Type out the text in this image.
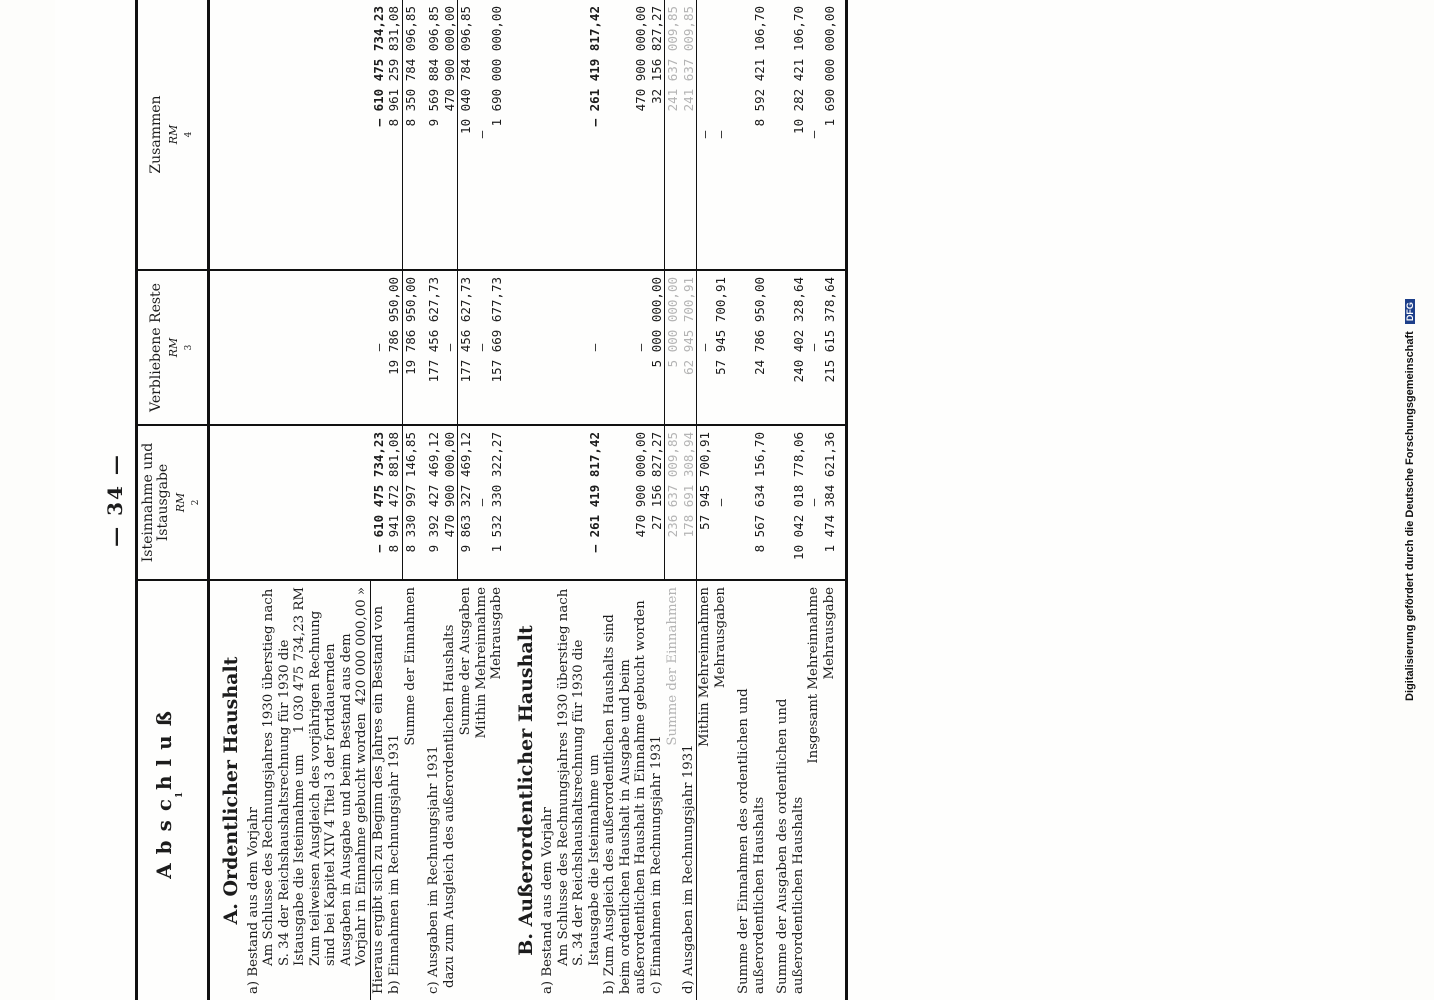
Digitalisierung gefördert durch die Deutsche Forschungsgemeinschaft DFG
— 34 —
Abschluß 1	Isteinnahme und Istausgabe RM 2	Verbliebene Reste RM 3	Zusammen RM 4

A. Ordentlicher Haushalt			
a) Bestand aus dem Vorjahr			
Am Schlusse des Rechnungsjahres 1930 überstieg nach S. 34 der Reichshaushaltsrechnung für 1930 die Istausgabe die Isteinnahme um
1 030 475 734,23 RM			

Zum teilweisen Ausgleich des vorjährigen Rechnung sind bei Kapitel XIV 4 Titel 3 der fortdauernden Ausgaben in Ausgabe und beim Bestand aus dem Vorjahr in Einnahme gebucht worden
420 000 000,00 »			

Hieraus ergibt sich zu Beginn des Jahres ein Bestand von	— 610 475 734,23	—	— 610 475 734,23
b) Einnahmen im Rechnungsjahr 1931	8 941 472 881,08	19 786 950,00	8 961 259 831,08
Summe der Einnahmen	8 330 997 146,85	19 786 950,00	8 350 784 096,85

c) Ausgaben im Rechnungsjahr 1931	9 392 427 469,12	177 456 627,73	9 569 884 096,85
dazu zum Ausgleich des außerordentlichen Haushalts	470 900 000,00	—	470 900 000,00
Summe der Ausgaben	9 863 327 469,12	177 456 627,73	10 040 784 096,85
Mithin Mehreinnahme	—	—	—
Mehrausgabe	1 532 330 322,27	157 669 677,73	1 690 000 000,00
B. Außerordentlicher Haushalt			
a) Bestand aus dem Vorjahr			
Am Schlusse des Rechnungsjahres 1930 überstieg nach S. 34 der Reichshaushaltsrechnung für 1930 die Istausgabe die Isteinnahme um	— 261 419 817,42	—	— 261 419 817,42
b) Zum Ausgleich des außerordentlichen Haushalts sind beim ordentlichen Haushalt in Ausgabe und beim außerordentlichen Haushalt in Einnahme gebucht worden	470 900 000,00	—	470 900 000,00
c) Einnahmen im Rechnungsjahr 1931	27 156 827,27	5 000 000,00	32 156 827,27
Summe der Einnahmen	236 637 009,85	5 000 000,00	241 637 009,85
d) Ausgaben im Rechnungsjahr 1931	178 691 308,94	62 945 700,91	241 637 009,85
Mithin Mehreinnahmen	57 945 700,91	—	—
Mehrausgaben	—	57 945 700,91	—

Summe der Einnahmen des ordentlichen und außerordentlichen Haushalts	8 567 634 156,70	24 786 950,00	8 592 421 106,70

Summe der Ausgaben des ordentlichen und außerordentlichen Haushalts	10 042 018 778,06	240 402 328,64	10 282 421 106,70
Insgesamt Mehreinnahme	—	—	—
Mehrausgabe	1 474 384 621,36	215 615 378,64	1 690 000 000,00
